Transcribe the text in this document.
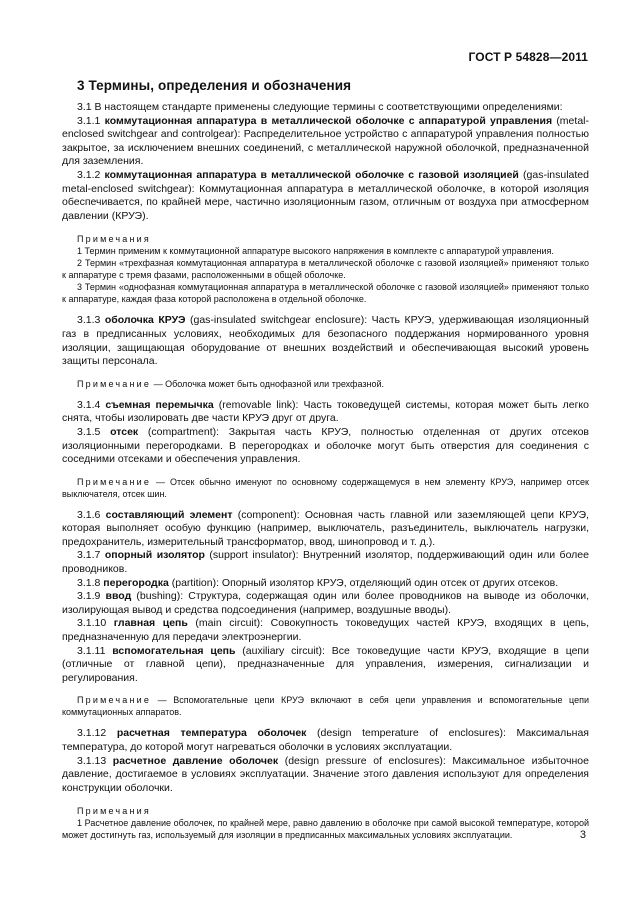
ГОСТ Р 54828—2011
3 Термины, определения и обозначения

3.1 В настоящем стандарте применены следующие термины с соответствующими определениями:

3.1.1 коммутационная аппаратура в металлической оболочке с аппаратурой управления (metal-enclosed switchgear and controlgear): Распределительное устройство с аппаратурой управления полностью закрытое, за исключением внешних соединений, с металлической наружной оболочкой, предназначенной для заземления.

3.1.2 коммутационная аппаратура в металлической оболочке с газовой изоляцией (gas-insulated metal-enclosed switchgear): Коммутационная аппаратура в металлической оболочке, в которой изоляция обеспечивается, по крайней мере, частично изоляционным газом, отличным от воздуха при атмосферном давлении (КРУЭ).

Примечания
1 Термин применим к коммутационной аппаратуре высокого напряжения в комплекте с аппаратурой управления.
2 Термин «трехфазная коммутационная аппаратура в металлической оболочке с газовой изоляцией» применяют только к аппаратуре с тремя фазами, расположенными в общей оболочке.
3 Термин «однофазная коммутационная аппаратура в металлической оболочке с газовой изоляцией» применяют только к аппаратуре, каждая фаза которой расположена в отдельной оболочке.

3.1.3 оболочка КРУЭ (gas-insulated switchgear enclosure): Часть КРУЭ, удерживающая изоляционный газ в предписанных условиях, необходимых для безопасного поддержания нормированного уровня изоляции, защищающая оборудование от внешних воздействий и обеспечивающая высокий уровень защиты персонала.

Примечание — Оболочка может быть однофазной или трехфазной.

3.1.4 съемная перемычка (removable link): Часть токоведущей системы, которая может быть легко снята, чтобы изолировать две части КРУЭ друг от друга.

3.1.5 отсек (compartment): Закрытая часть КРУЭ, полностью отделенная от других отсеков изоляционными перегородками. В перегородках и оболочке могут быть отверстия для соединения с соседними отсеками и обеспечения управления.

Примечание — Отсек обычно именуют по основному содержащемуся в нем элементу КРУЭ, например отсек выключателя, отсек шин.

3.1.6 составляющий элемент (component): Основная часть главной или заземляющей цепи КРУЭ, которая выполняет особую функцию (например, выключатель, разъединитель, выключатель нагрузки, предохранитель, измерительный трансформатор, ввод, шинопровод и т. д.).

3.1.7 опорный изолятор (support insulator): Внутренний изолятор, поддерживающий один или более проводников.

3.1.8 перегородка (partition): Опорный изолятор КРУЭ, отделяющий один отсек от других отсеков.

3.1.9 ввод (bushing): Структура, содержащая один или более проводников на выводе из оболочки, изолирующая вывод и средства подсоединения (например, воздушные вводы).

3.1.10 главная цепь (main circuit): Совокупность токоведущих частей КРУЭ, входящих в цепь, предназначенную для передачи электроэнергии.

3.1.11 вспомогательная цепь (auxiliary circuit): Все токоведущие части КРУЭ, входящие в цепи (отличные от главной цепи), предназначенные для управления, измерения, сигнализации и регулирования.

Примечание — Вспомогательные цепи КРУЭ включают в себя цепи управления и вспомогательные цепи коммутационных аппаратов.

3.1.12 расчетная температура оболочек (design temperature of enclosures): Максимальная температура, до которой могут нагреваться оболочки в условиях эксплуатации.

3.1.13 расчетное давление оболочек (design pressure of enclosures): Максимальное избыточное давление, достигаемое в условиях эксплуатации. Значение этого давления используют для определения конструкции оболочки.

Примечания
1 Расчетное давление оболочек, по крайней мере, равно давлению в оболочке при самой высокой температуре, которой может достигнуть газ, используемый для изоляции в предписанных максимальных условиях эксплуатации.	3
